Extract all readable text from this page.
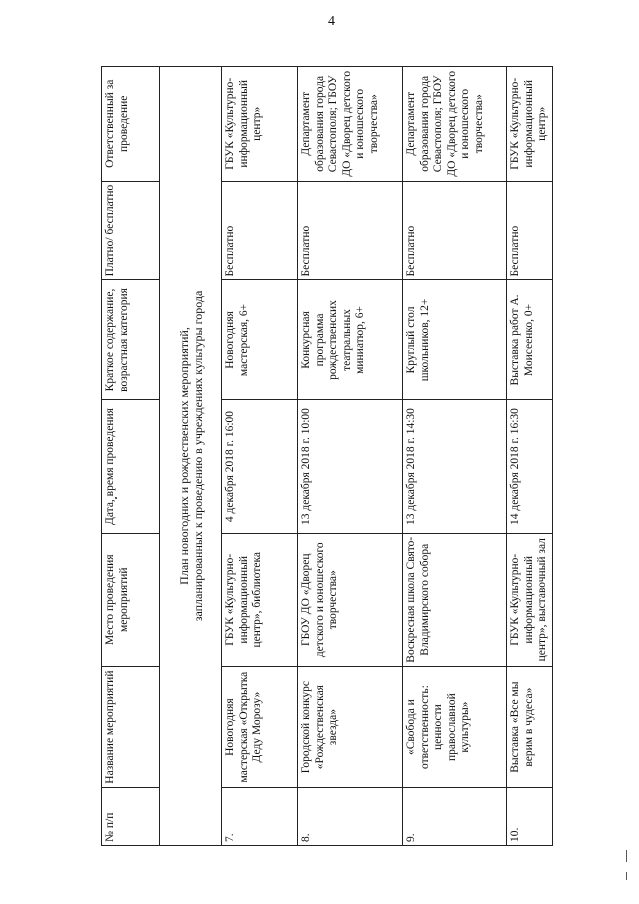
4
№ п/п	Название мероприятий	Место проведения мероприятий	Дата, время проведения	Краткое содержание, возрастная категория	Платно/ бесплатно	Ответственный за проведение

План новогодних и рождественских мероприятий, запланированных к проведению в учреждениях культуры города						

7.	Новогодняя мастерская «Открытка Деду Морозу»	ГБУК «Культурно-информационный центр», библиотека	4 декабря 2018 г. 16:00	Новогодняя мастерская, 6+	Бесплатно	ГБУК «Культурно-информационный центр»
8.	Городской конкурс «Рождественская звезда»	ГБОУ ДО «Дворец детского и юношеского творчества»	13 декабря 2018 г. 10:00	Конкурсная программа рождественских театральных миниатюр, 6+	Бесплатно	Департамент образования города Севастополя; ГБОУ ДО «Дворец детского и юношеского творчества»
9.	«Свобода и ответственность: ценности православной культуры»	Воскресная школа Свято-Владимирского собора	13 декабря 2018 г. 14:30	Круглый стол школьников, 12+	Бесплатно	Департамент образования города Севастополя; ГБОУ ДО «Дворец детского и юношеского творчества»
10.	Выставка «Все мы верим в чудеса»	ГБУК «Культурно-информационный центр», выставочный зал	14 декабря 2018 г. 16:30	Выставка работ А. Моисеенко, 0+	Бесплатно	ГБУК «Культурно-информационный центр»
